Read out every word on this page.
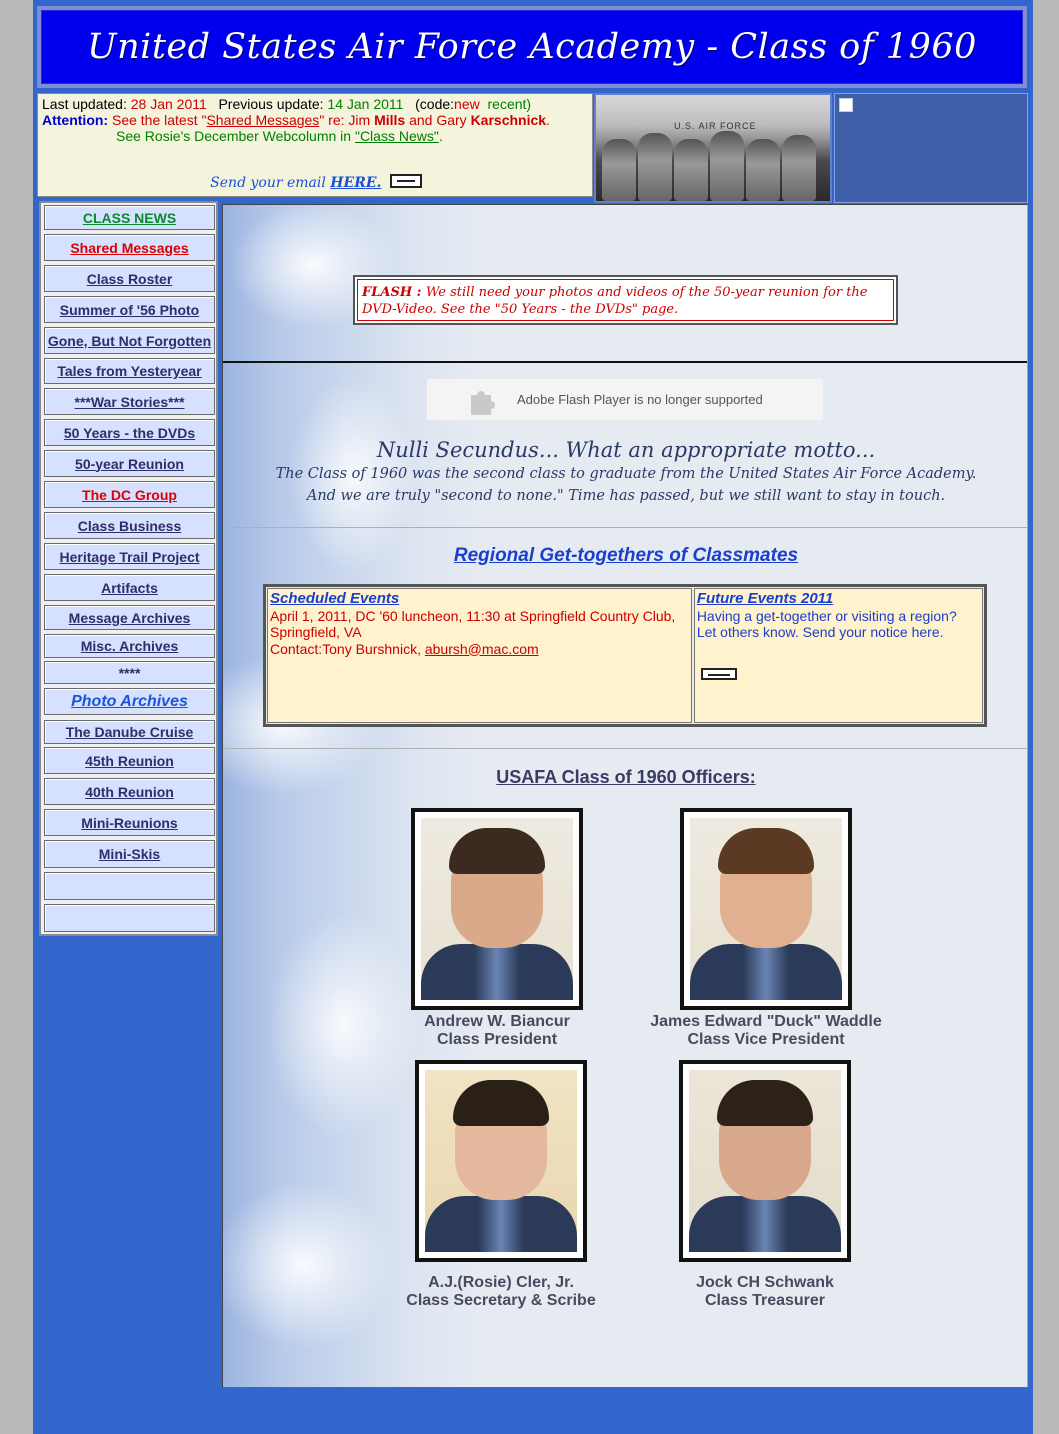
United States Air Force Academy - Class of 1960
Last updated: 28 Jan 2011 Previous update: 14 Jan 2011 (code:new recent)
Attention: See the latest "Shared Messages" re: Jim Mills and Gary Karschnick.
See Rosie's December Webcolumn in "Class News".
Send your email HERE.
U.S. AIR FORCE
CLASS NEWS
Shared Messages
Class Roster
Summer of '56 Photo
Gone, But Not Forgotten
Tales from Yesteryear
***War Stories***
50 Years - the DVDs
50-year Reunion
The DC Group
Class Business
Heritage Trail Project
Artifacts
Message Archives
Misc. Archives
****
Photo Archives
The Danube Cruise
45th Reunion
40th Reunion
Mini-Reunions
Mini-Skis
FLASH : We still need your photos and videos of the 50-year reunion for the DVD-Video. See the "50 Years - the DVDs" page.
Adobe Flash Player is no longer supported
Nulli Secundus... What an appropriate motto...
The Class of 1960 was the second class to graduate from the United States Air Force Academy.
And we are truly "second to none." Time has passed, but we still want to stay in touch.
Regional Get-togethers of Classmates
Scheduled Events
April 1, 2011, DC '60 luncheon, 11:30 at Springfield Country Club, Springfield, VA
Contact:Tony Burshnick, abursh@mac.com
Future Events 2011
Having a get-together or visiting a region? Let others know. Send your notice here.
USAFA Class of 1960 Officers:
Andrew W. Biancur
Class President
James Edward "Duck" Waddle
Class Vice President
A.J.(Rosie) Cler, Jr.
Class Secretary & Scribe
Jock CH Schwank
Class Treasurer
